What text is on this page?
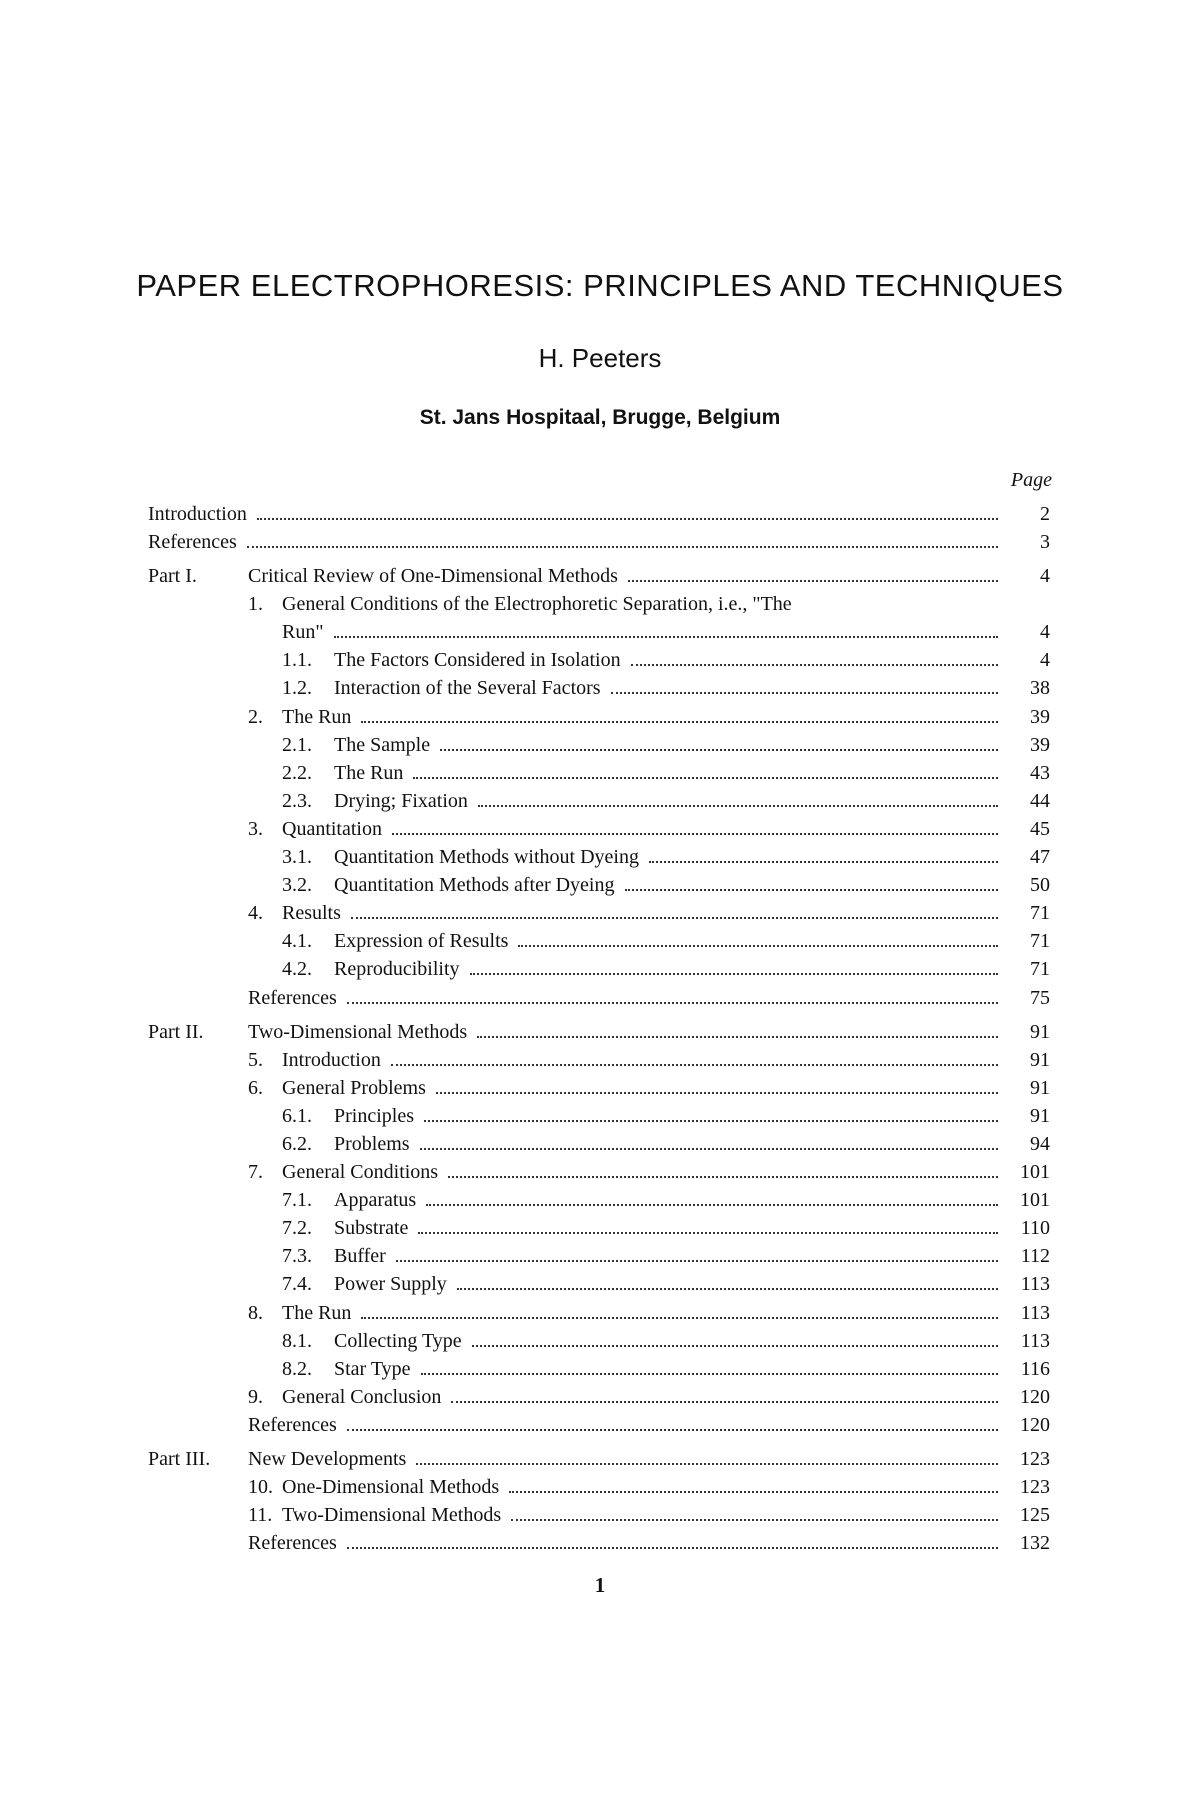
PAPER ELECTROPHORESIS: PRINCIPLES AND TECHNIQUES
H. Peeters
St. Jans Hospitaal, Brugge, Belgium
Page
Introduction	2
References	3
Part I.	Critical Review of One-Dimensional Methods	4
1. General Conditions of the Electrophoretic Separation, i.e., "The
Run"	4
1.1. The Factors Considered in Isolation	4
1.2. Interaction of the Several Factors	38
2. The Run	39
2.1. The Sample	39
2.2. The Run	43
2.3. Drying; Fixation	44
3. Quantitation	45
3.1. Quantitation Methods without Dyeing	47
3.2. Quantitation Methods after Dyeing	50
4. Results	71
4.1. Expression of Results	71
4.2. Reproducibility	71
References	75
Part II. Two-Dimensional Methods	91
5. Introduction	91
6. General Problems	91
6.1. Principles	91
6.2. Problems	94
7. General Conditions	101
7.1. Apparatus	101
7.2. Substrate	110
7.3. Buffer	112
7.4. Power Supply	113
8. The Run	113
8.1. Collecting Type	113
8.2. Star Type	116
9. General Conclusion	120
References	120
Part III. New Developments	123
10. One-Dimensional Methods	123
11. Two-Dimensional Methods	125
References	132
1
